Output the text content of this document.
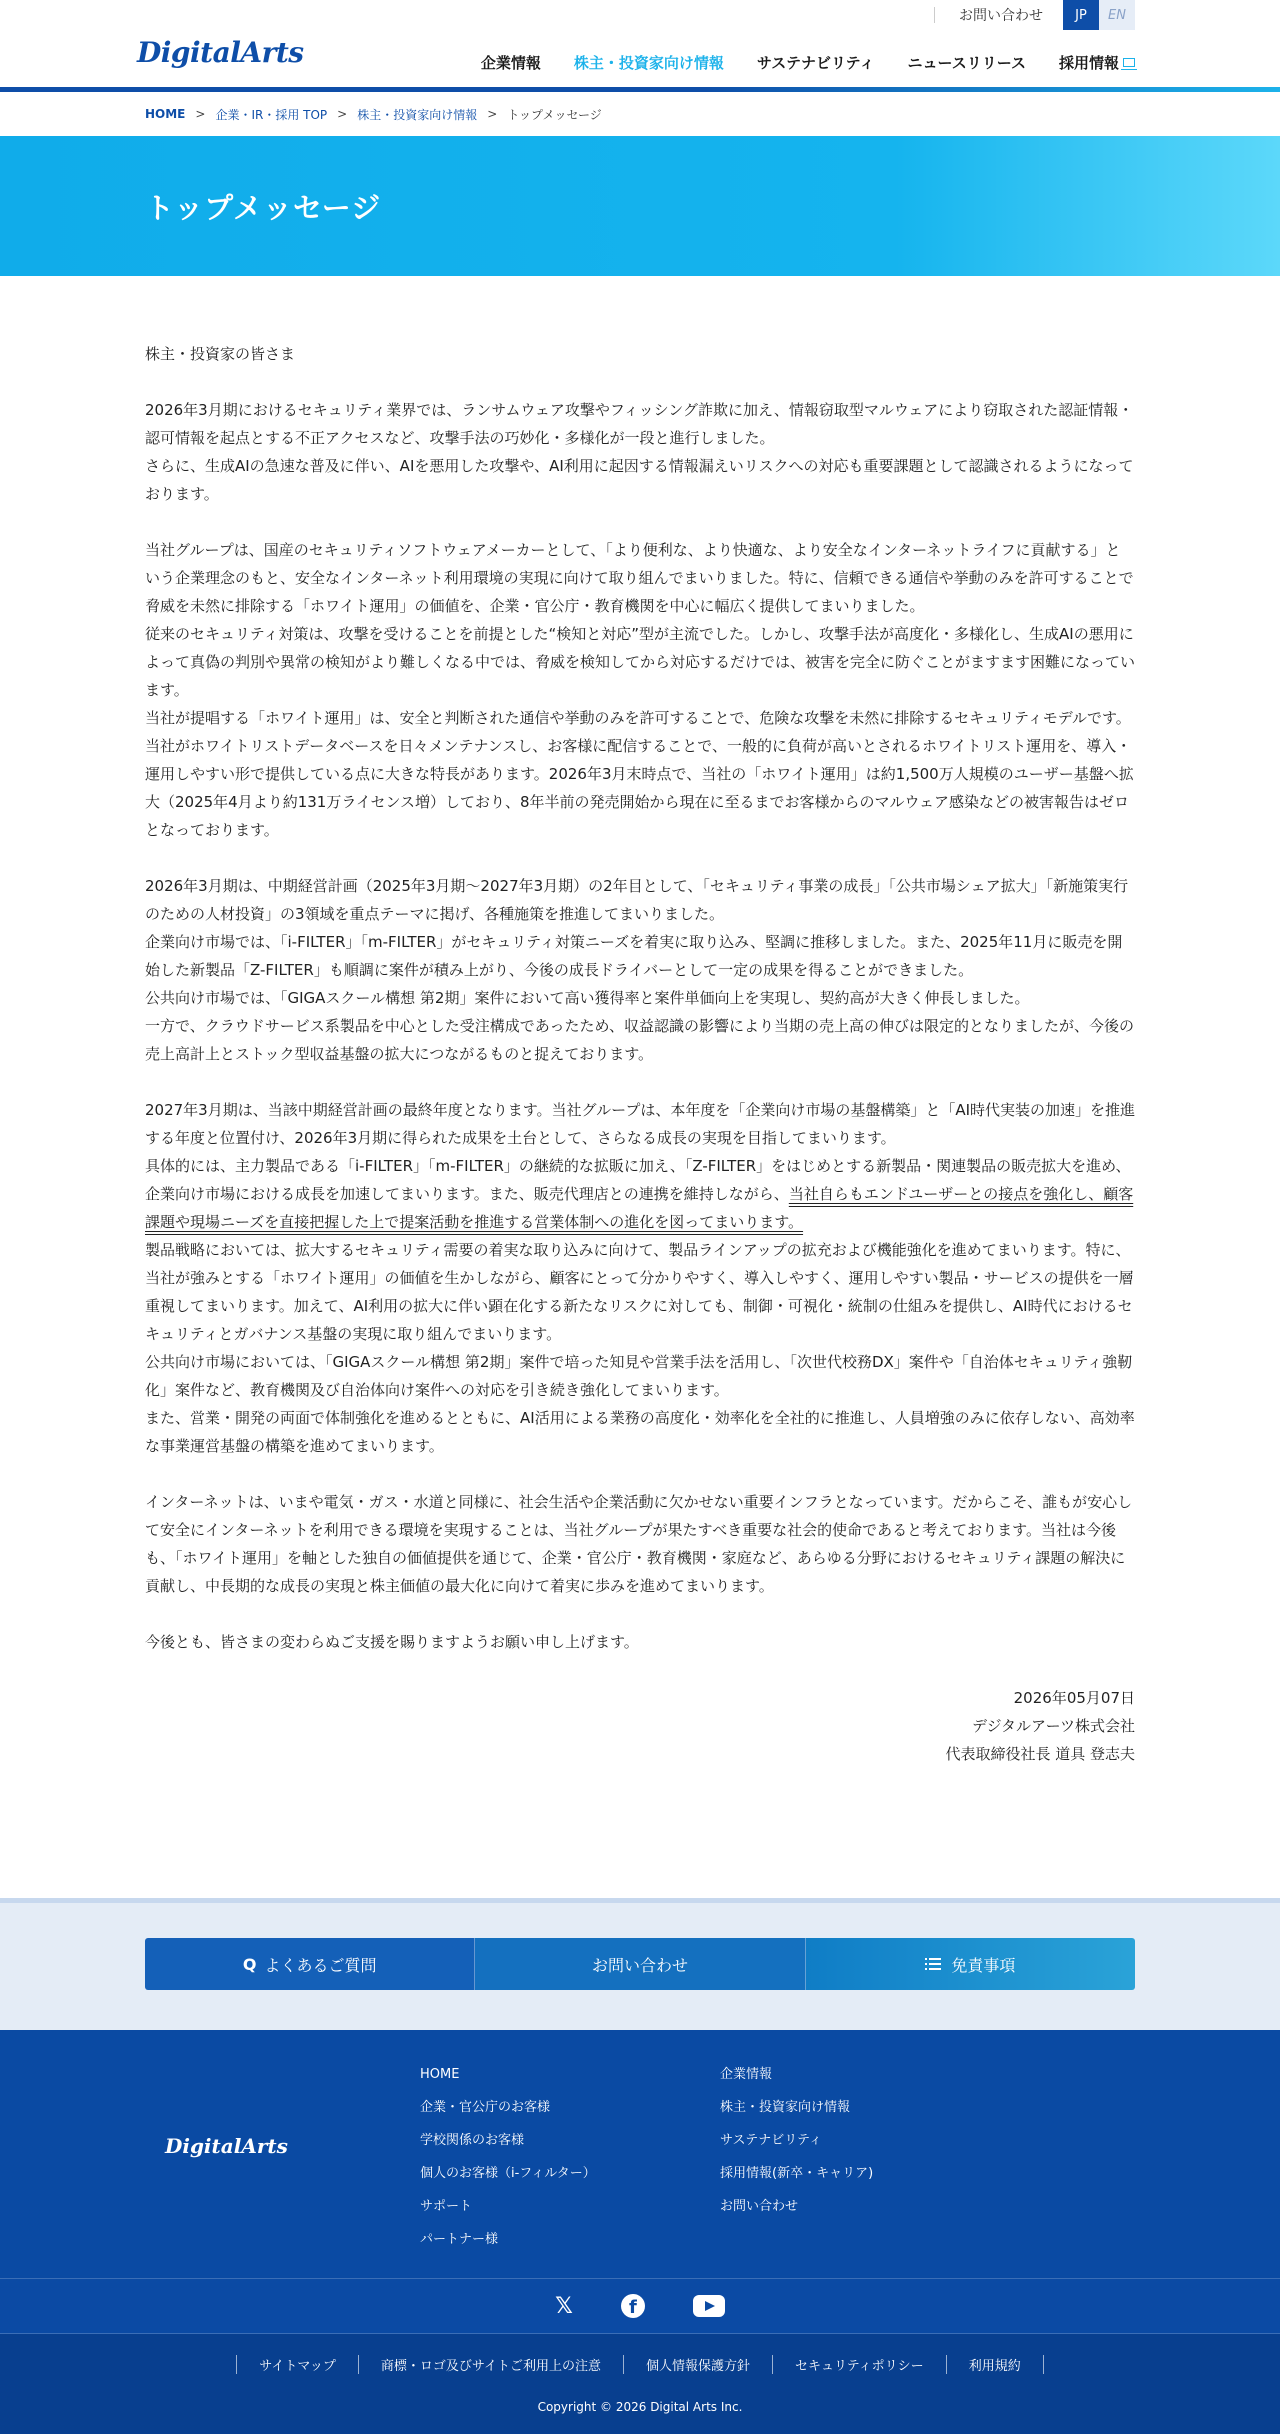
お問い合わせ	JP	EN
DigitalArts	企業情報 株主・投資家向け情報 サステナビリティ ニュースリリース 採用情報
HOME > 企業・IR・採用 TOP > 株主・投資家向け情報 > トップメッセージ
トップメッセージ

株主・投資家の皆さま

2026年3月期におけるセキュリティ業界では、ランサムウェア攻撃やフィッシング詐欺に加え、情報窃取型マルウェアにより窃取された認証情報・認可情報を起点とする不正アクセスなど、攻撃手法の巧妙化・多様化が一段と進行しました。

さらに、生成AIの急速な普及に伴い、AIを悪用した攻撃や、AI利用に起因する情報漏えいリスクへの対応も重要課題として認識されるようになっております。

当社グループは、国産のセキュリティソフトウェアメーカーとして、「より便利な、より快適な、より安全なインターネットライフに貢献する」という企業理念のもと、安全なインターネット利用環境の実現に向けて取り組んでまいりました。特に、信頼できる通信や挙動のみを許可することで脅威を未然に排除する「ホワイト運用」の価値を、企業・官公庁・教育機関を中心に幅広く提供してまいりました。

従来のセキュリティ対策は、攻撃を受けることを前提とした“検知と対応”型が主流でした。しかし、攻撃手法が高度化・多様化し、生成AIの悪用によって真偽の判別や異常の検知がより難しくなる中では、脅威を検知してから対応するだけでは、被害を完全に防ぐことがますます困難になっています。

当社が提唱する「ホワイト運用」は、安全と判断された通信や挙動のみを許可することで、危険な攻撃を未然に排除するセキュリティモデルです。当社がホワイトリストデータベースを日々メンテナンスし、お客様に配信することで、一般的に負荷が高いとされるホワイトリスト運用を、導入・運用しやすい形で提供している点に大きな特長があります。2026年3月末時点で、当社の「ホワイト運用」は約1,500万人規模のユーザー基盤へ拡大（2025年4月より約131万ライセンス増）しており、8年半前の発売開始から現在に至るまでお客様からのマルウェア感染などの被害報告はゼロとなっております。

2026年3月期は、中期経営計画（2025年3月期～2027年3月期）の2年目として、「セキュリティ事業の成長」「公共市場シェア拡大」「新施策実行のための人材投資」の3領域を重点テーマに掲げ、各種施策を推進してまいりました。

企業向け市場では、「i-FILTER」「m-FILTER」がセキュリティ対策ニーズを着実に取り込み、堅調に推移しました。また、2025年11月に販売を開始した新製品「Z-FILTER」も順調に案件が積み上がり、今後の成長ドライバーとして一定の成果を得ることができました。

公共向け市場では、「GIGAスクール構想 第2期」案件において高い獲得率と案件単価向上を実現し、契約高が大きく伸長しました。

一方で、クラウドサービス系製品を中心とした受注構成であったため、収益認識の影響により当期の売上高の伸びは限定的となりましたが、今後の売上高計上とストック型収益基盤の拡大につながるものと捉えております。

2027年3月期は、当該中期経営計画の最終年度となります。当社グループは、本年度を「企業向け市場の基盤構築」と「AI時代実装の加速」を推進する年度と位置付け、2026年3月期に得られた成果を土台として、さらなる成長の実現を目指してまいります。

具体的には、主力製品である「i-FILTER」「m-FILTER」の継続的な拡販に加え、「Z-FILTER」をはじめとする新製品・関連製品の販売拡大を進め、企業向け市場における成長を加速してまいります。また、販売代理店との連携を維持しながら、当社自らもエンドユーザーとの接点を強化し、顧客課題や現場ニーズを直接把握した上で提案活動を推進する営業体制への進化を図ってまいります。

製品戦略においては、拡大するセキュリティ需要の着実な取り込みに向けて、製品ラインアップの拡充および機能強化を進めてまいります。特に、当社が強みとする「ホワイト運用」の価値を生かしながら、顧客にとって分かりやすく、導入しやすく、運用しやすい製品・サービスの提供を一層重視してまいります。加えて、AI利用の拡大に伴い顕在化する新たなリスクに対しても、制御・可視化・統制の仕組みを提供し、AI時代におけるセキュリティとガバナンス基盤の実現に取り組んでまいります。

公共向け市場においては、「GIGAスクール構想 第2期」案件で培った知見や営業手法を活用し、「次世代校務DX」案件や「自治体セキュリティ強靭化」案件など、教育機関及び自治体向け案件への対応を引き続き強化してまいります。

また、営業・開発の両面で体制強化を進めるとともに、AI活用による業務の高度化・効率化を全社的に推進し、人員増強のみに依存しない、高効率な事業運営基盤の構築を進めてまいります。

インターネットは、いまや電気・ガス・水道と同様に、社会生活や企業活動に欠かせない重要インフラとなっています。だからこそ、誰もが安心して安全にインターネットを利用できる環境を実現することは、当社グループが果たすべき重要な社会的使命であると考えております。当社は今後も、「ホワイト運用」を軸とした独自の価値提供を通じて、企業・官公庁・教育機関・家庭など、あらゆる分野におけるセキュリティ課題の解決に貢献し、中長期的な成長の実現と株主価値の最大化に向けて着実に歩みを進めてまいります。

今後とも、皆さまの変わらぬご支援を賜りますようお願い申し上げます。

2026年05月07日

デジタルアーツ株式会社

代表取締役社長 道具 登志夫

Q よくあるご質問	お問い合わせ	免責事項
DigitalArts
HOME
企業・官公庁のお客様
学校関係のお客様
個人のお客様（i-フィルター）
サポート
パートナー様
企業情報
株主・投資家向け情報
サステナビリティ
採用情報(新卒・キャリア)
お問い合わせ
𝕏	f
サイトマップ	商標・ロゴ及びサイトご利用上の注意	個人情報保護方針	セキュリティポリシー	利用規約

Copyright © 2026 Digital Arts Inc.
